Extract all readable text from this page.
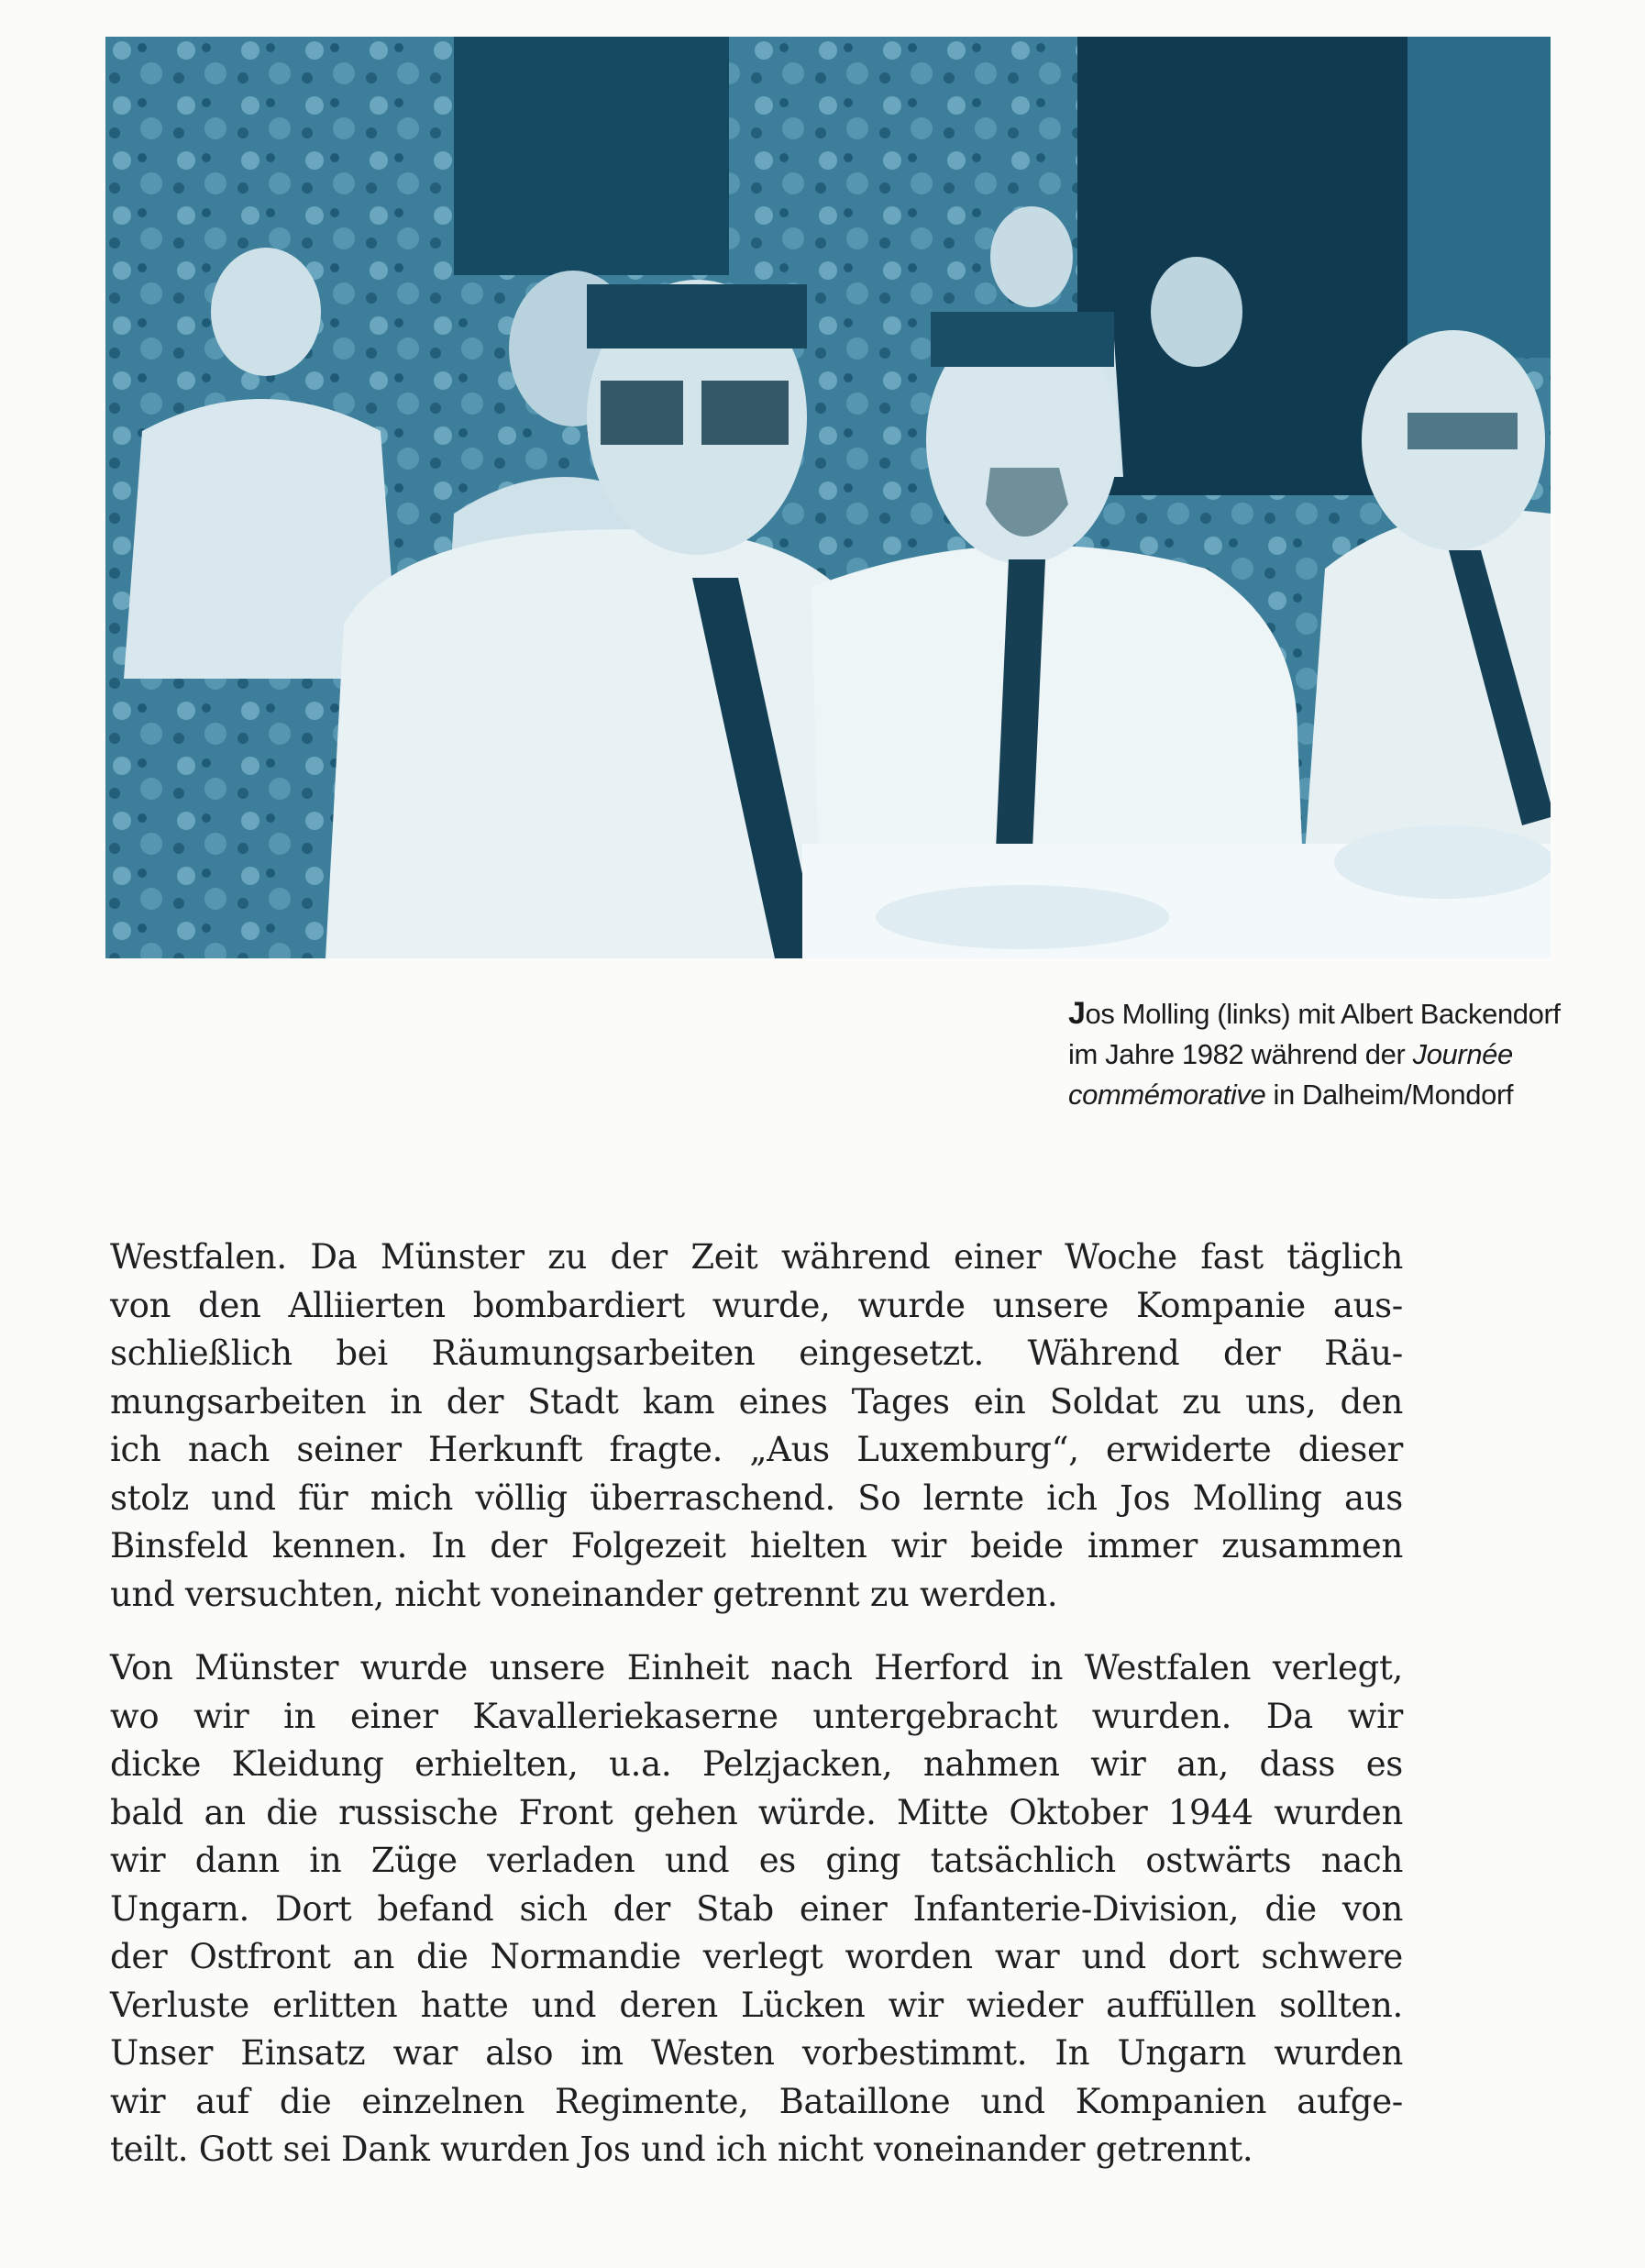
Jos Molling (links) mit Albert Backendorf im Jahre 1982 während der Journée commémorative in Dalheim/Mondorf

Westfalen. Da Münster zu der Zeit während einer Woche fast täglich
von den Alliierten bombardiert wurde, wurde unsere Kompanie aus-
schließlich bei Räumungsarbeiten eingesetzt. Während der Räu-
mungsarbeiten in der Stadt kam eines Tages ein Soldat zu uns, den
ich nach seiner Herkunft fragte. „Aus Luxemburg“, erwiderte dieser
stolz und für mich völlig überraschend. So lernte ich Jos Molling aus
Binsfeld kennen. In der Folgezeit hielten wir beide immer zusammen
und versuchten, nicht voneinander getrennt zu werden.

Von Münster wurde unsere Einheit nach Herford in Westfalen verlegt,
wo wir in einer Kavalleriekaserne untergebracht wurden. Da wir
dicke Kleidung erhielten, u.a. Pelzjacken, nahmen wir an, dass es
bald an die russische Front gehen würde. Mitte Oktober 1944 wurden
wir dann in Züge verladen und es ging tatsächlich ostwärts nach
Ungarn. Dort befand sich der Stab einer Infanterie-Division, die von
der Ostfront an die Normandie verlegt worden war und dort schwere
Verluste erlitten hatte und deren Lücken wir wieder auffüllen sollten.
Unser Einsatz war also im Westen vorbestimmt. In Ungarn wurden
wir auf die einzelnen Regimente, Bataillone und Kompanien aufge-
teilt. Gott sei Dank wurden Jos und ich nicht voneinander getrennt.
